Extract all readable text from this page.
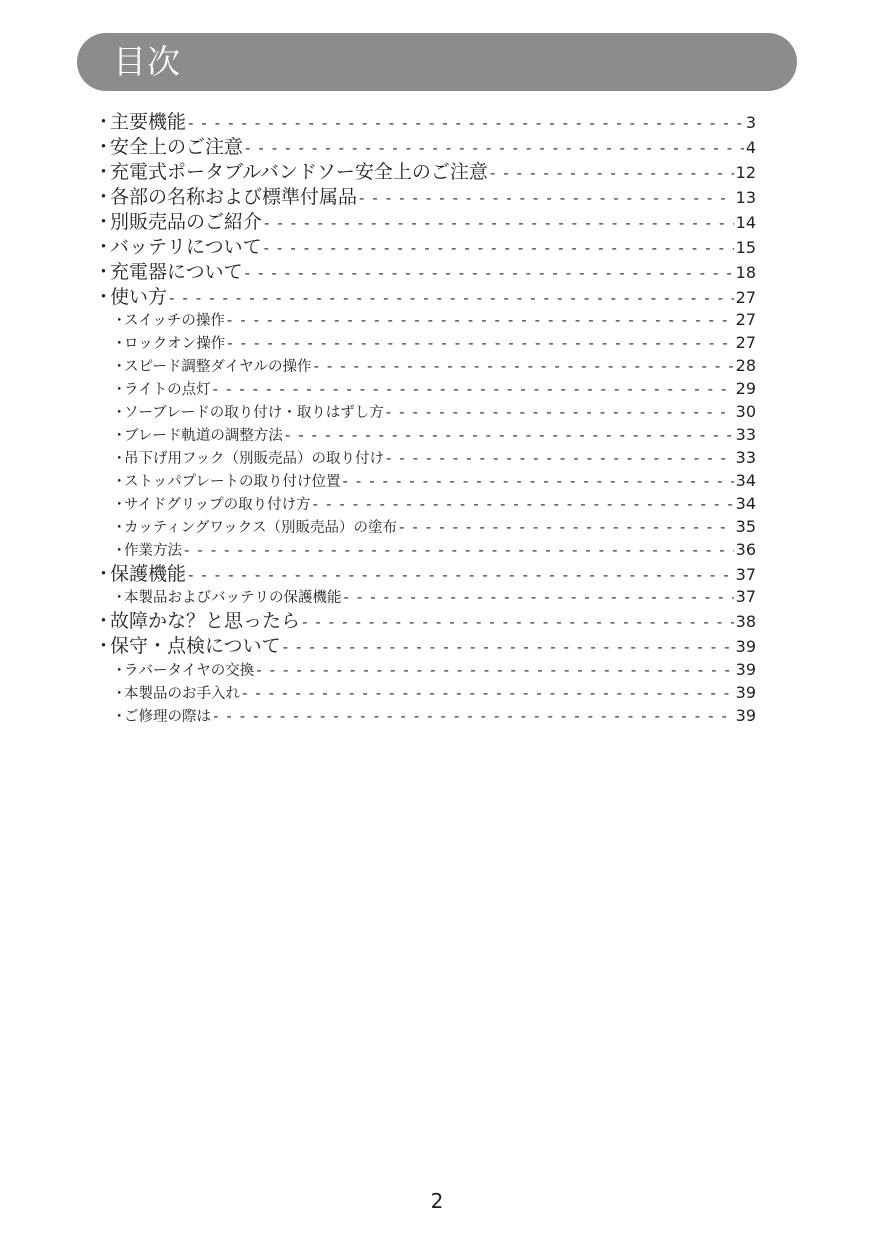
目次
・
主要機能 - - -	3
・
安全上のご注意 - - -	4
・
充電式ポータブルバンドソー安全上のご注意 - - -	12
・
各部の名称および標準付属品 - - -	13
・
別販売品のご紹介 - - -	14
・
バッテリについて - - -	15
・
充電器について - - -	18
・
使い方 - - -	27
・
スイッチの操作 - - -	27
・
ロックオン操作 - - -	27
・
スピード調整ダイヤルの操作 - - -	28
・
ライトの点灯 - - -	29
・
ソーブレードの取り付け・取りはずし方 - - -	30
・
ブレード軌道の調整方法 - - -	33
・
吊下げ用フック（別販売品）の取り付け - - -	33
・
ストッパプレートの取り付け位置 - - -	34
・
サイドグリップの取り付け方 - - -	34
・
カッティングワックス（別販売品）の塗布 - - -	35
・
作業方法 - - -	36
・
保護機能 - - -	37
・
本製品およびバッテリの保護機能 - - -	37
・
故障かな？と思ったら - - -	38
・
保守・点検について - - -	39
・
ラバータイヤの交換 - - -	39
・
本製品のお手入れ - - -	39
・
ご修理の際は - - -	39
2
